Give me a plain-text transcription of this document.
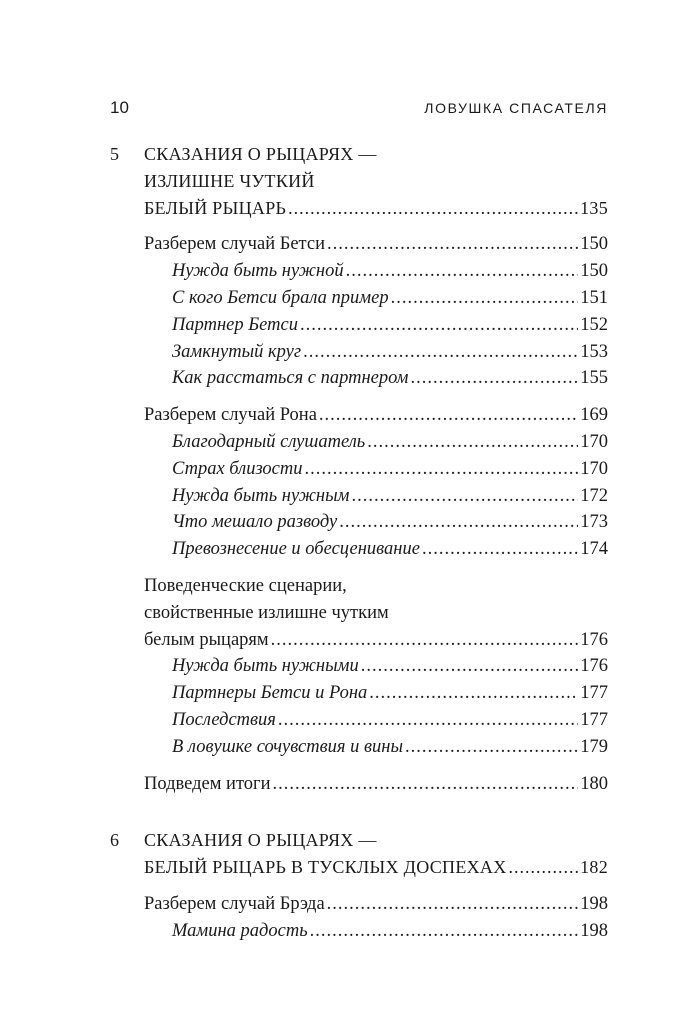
10	ЛОВУШКА СПАСАТЕЛЯ
5	СКАЗАНИЯ О РЫЦАРЯХ —
ИЗЛИШНЕ ЧУТКИЙ
БЕЛЫЙ РЫЦАРЬ .....	135
Разберем случай Бетси .....	150
Нужда быть нужной .....	150
С кого Бетси брала пример .....	151
Партнер Бетси .....	152
Замкнутый круг .....	153
Как расстаться с партнером .....	155
Разберем случай Рона .....	169
Благодарный слушатель .....	170
Страх близости .....	170
Нужда быть нужным .....	172
Что мешало разводу .....	173
Превознесение и обесценивание .....	174
Поведенческие сценарии,
свойственные излишне чутким
белым рыцарям .....	176
Нужда быть нужными .....	176
Партнеры Бетси и Рона .....	177
Последствия .....	177
В ловушке сочувствия и вины .....	179
Подведем итоги .....	180
6	СКАЗАНИЯ О РЫЦАРЯХ —
БЕЛЫЙ РЫЦАРЬ В ТУСКЛЫХ ДОСПЕХАХ .....	182
Разберем случай Брэда .....	198
Мамина радость .....	198
